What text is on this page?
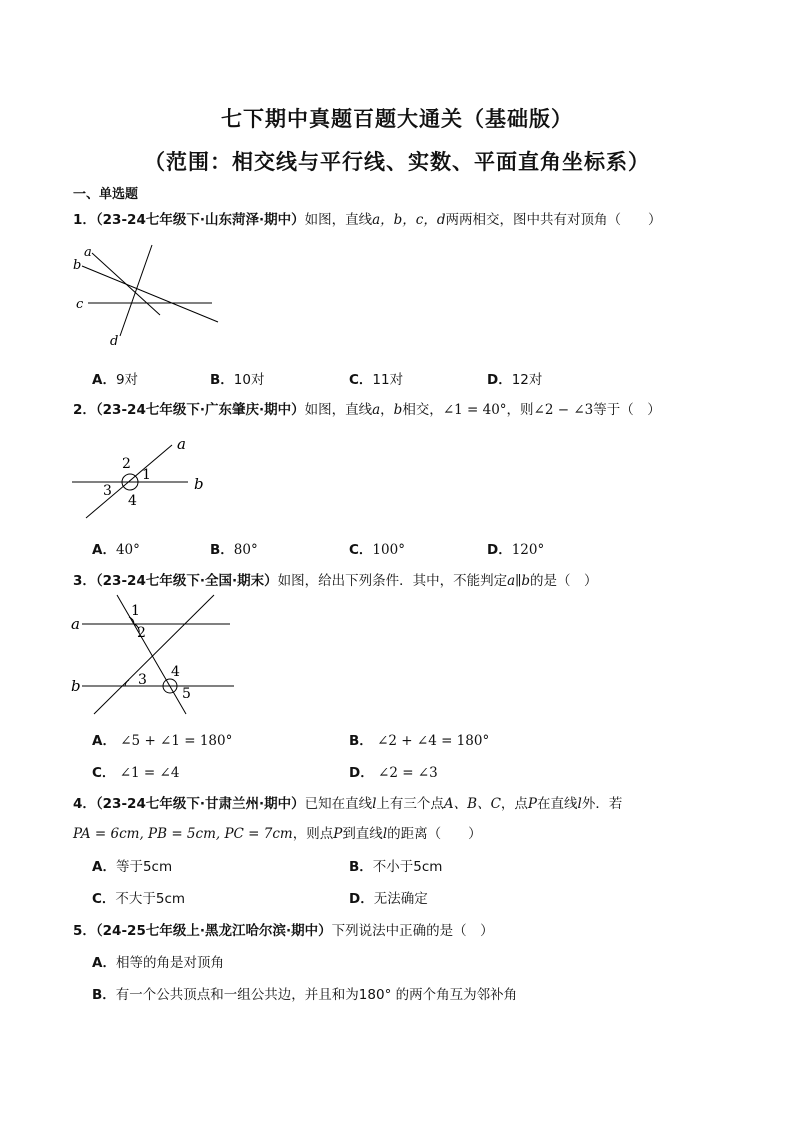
七下期中真题百题大通关（基础版）
（范围：相交线与平行线、实数、平面直角坐标系）
一、单选题
1．（23-24七年级下·山东菏泽·期中）如图，直线a，b，c，d两两相交，图中共有对顶角（　　）
a
b
c
d
A．9对	B．10对	C．11对	D．12对
2．（23-24七年级下·广东肇庆·期中）如图，直线a，b相交，∠1 = 40°，则∠2 − ∠3等于（　）
a
b
1
2
3
4
A．40°	B．80°	C．100°	D．120°
3．（23-24七年级下·全国·期末）如图，给出下列条件．其中，不能判定a∥b的是（　）
a
b
1
2
3 4
5
A． ∠5 + ∠1 = 180°	B． ∠2 + ∠4 = 180°
C． ∠1 = ∠4	D． ∠2 = ∠3
4．（23-24七年级下·甘肃兰州·期中）已知在直线l上有三个点A、B、C，点P在直线l外．若
PA = 6cm, PB = 5cm, PC = 7cm，则点P到直线l的距离（　　）
A．等于5cm	B．不小于5cm
C．不大于5cm	D．无法确定
5．（24-25七年级上·黑龙江哈尔滨·期中）下列说法中正确的是（　）
A．相等的角是对顶角
B．有一个公共顶点和一组公共边，并且和为180° 的两个角互为邻补角
